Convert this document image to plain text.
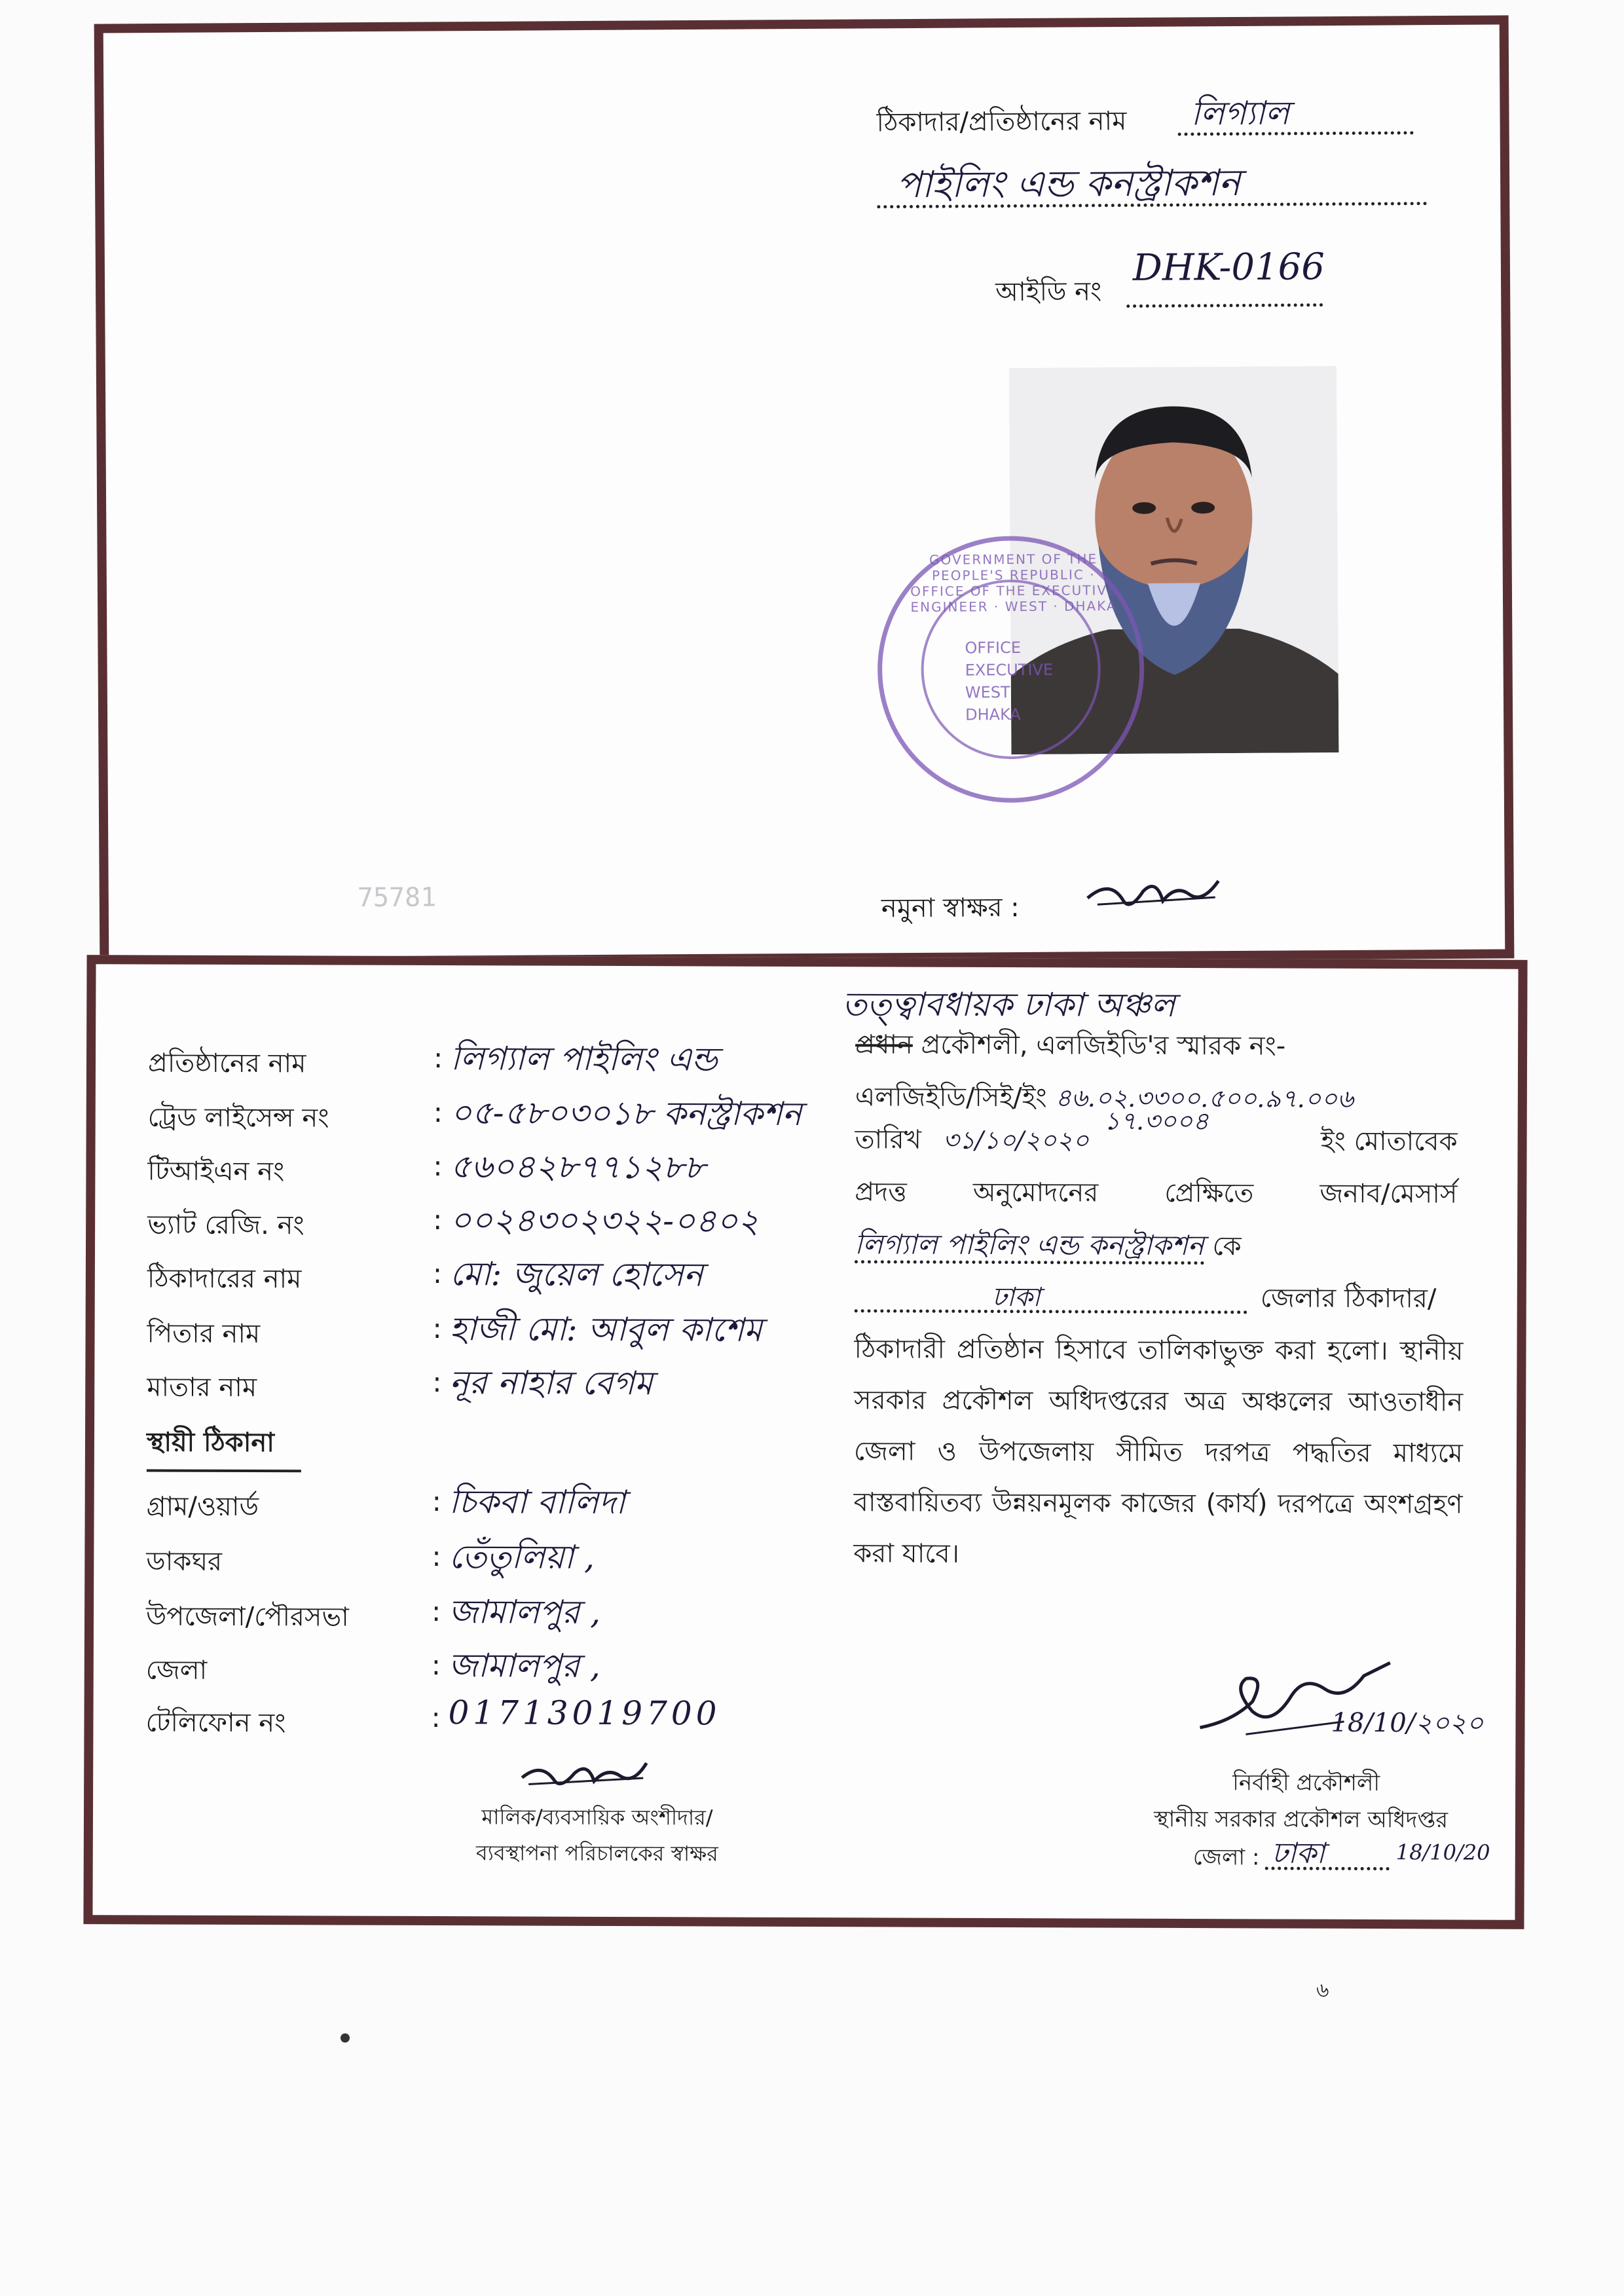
ঠিকাদার/প্রতিষ্ঠানের নাম লিগ্যাল
পাইলিং এন্ড কনস্ট্রাকশন
আইডি নং
DHK-0166
GOVERNMENT OF THE PEOPLE'S REPUBLIC · OFFICE OF THE EXECUTIVE ENGINEER · WEST · DHAKA
OFFICE
EXECUTIVE
WEST
DHAKA
75781	নমুনা স্বাক্ষর :
প্রতিষ্ঠানের নাম	: লিগ্যাল পাইলিং এন্ড
ট্রেড লাইসেন্স নং	: ০৫-৫৮০৩০১৮ কনস্ট্রাকশন
টিআইএন নং	: ৫৬০৪২৮৭৭১২৮৮
ভ্যাট রেজি. নং	: ০০২৪৩০২৩২২-০৪০২
ঠিকাদারের নাম	: মো: জুয়েল হোসেন
পিতার নাম	: হাজী মো: আবুল কাশেম
মাতার নাম	: নূর নাহার বেগম
স্থায়ী ঠিকানা
গ্রাম/ওয়ার্ড	: চিকবা বালিদা
ডাকঘর	: তেঁতুলিয়া ,
উপজেলা/পৌরসভা	: জামালপুর ,
জেলা	: জামালপুর ,
টেলিফোন নং	: 01713019700
মালিক/ব্যবসায়িক অংশীদার/
ব্যবস্থাপনা পরিচালকের স্বাক্ষর
তত্ত্বাবধায়ক ঢাকা অঞ্চল
প্রধান প্রকৌশলী, এলজিইডি'র স্মারক নং-
এলজিইডি/সিই/ইং ৪৬.০২.৩৩০০.৫০০.৯৭.০০৬
তারিখ ৩১/১০/২০২০
১৭.৩০০৪
ইং মোতাবেক
প্রদত্ত অনুমোদনের প্রেক্ষিতে জনাব/মেসার্স
লিগ্যাল পাইলিং এন্ড কনস্ট্রাকশন কে
ঢাকা	জেলার ঠিকাদার/
ঠিকাদারী প্রতিষ্ঠান হিসাবে তালিকাভুক্ত করা হলো। স্থানীয় সরকার প্রকৌশল অধিদপ্তরের অত্র অঞ্চলের আওতাধীন জেলা ও উপজেলায় সীমিত দরপত্র পদ্ধতির মাধ্যমে বাস্তবায়িতব্য উন্নয়নমূলক কাজের (কার্য) দরপত্রে অংশগ্রহণ করা যাবে।
18/10/২০২০
নির্বাহী প্রকৌশলী
স্থানীয় সরকার প্রকৌশল অধিদপ্তর
জেলা : ঢাকা	18/10/20
৬
